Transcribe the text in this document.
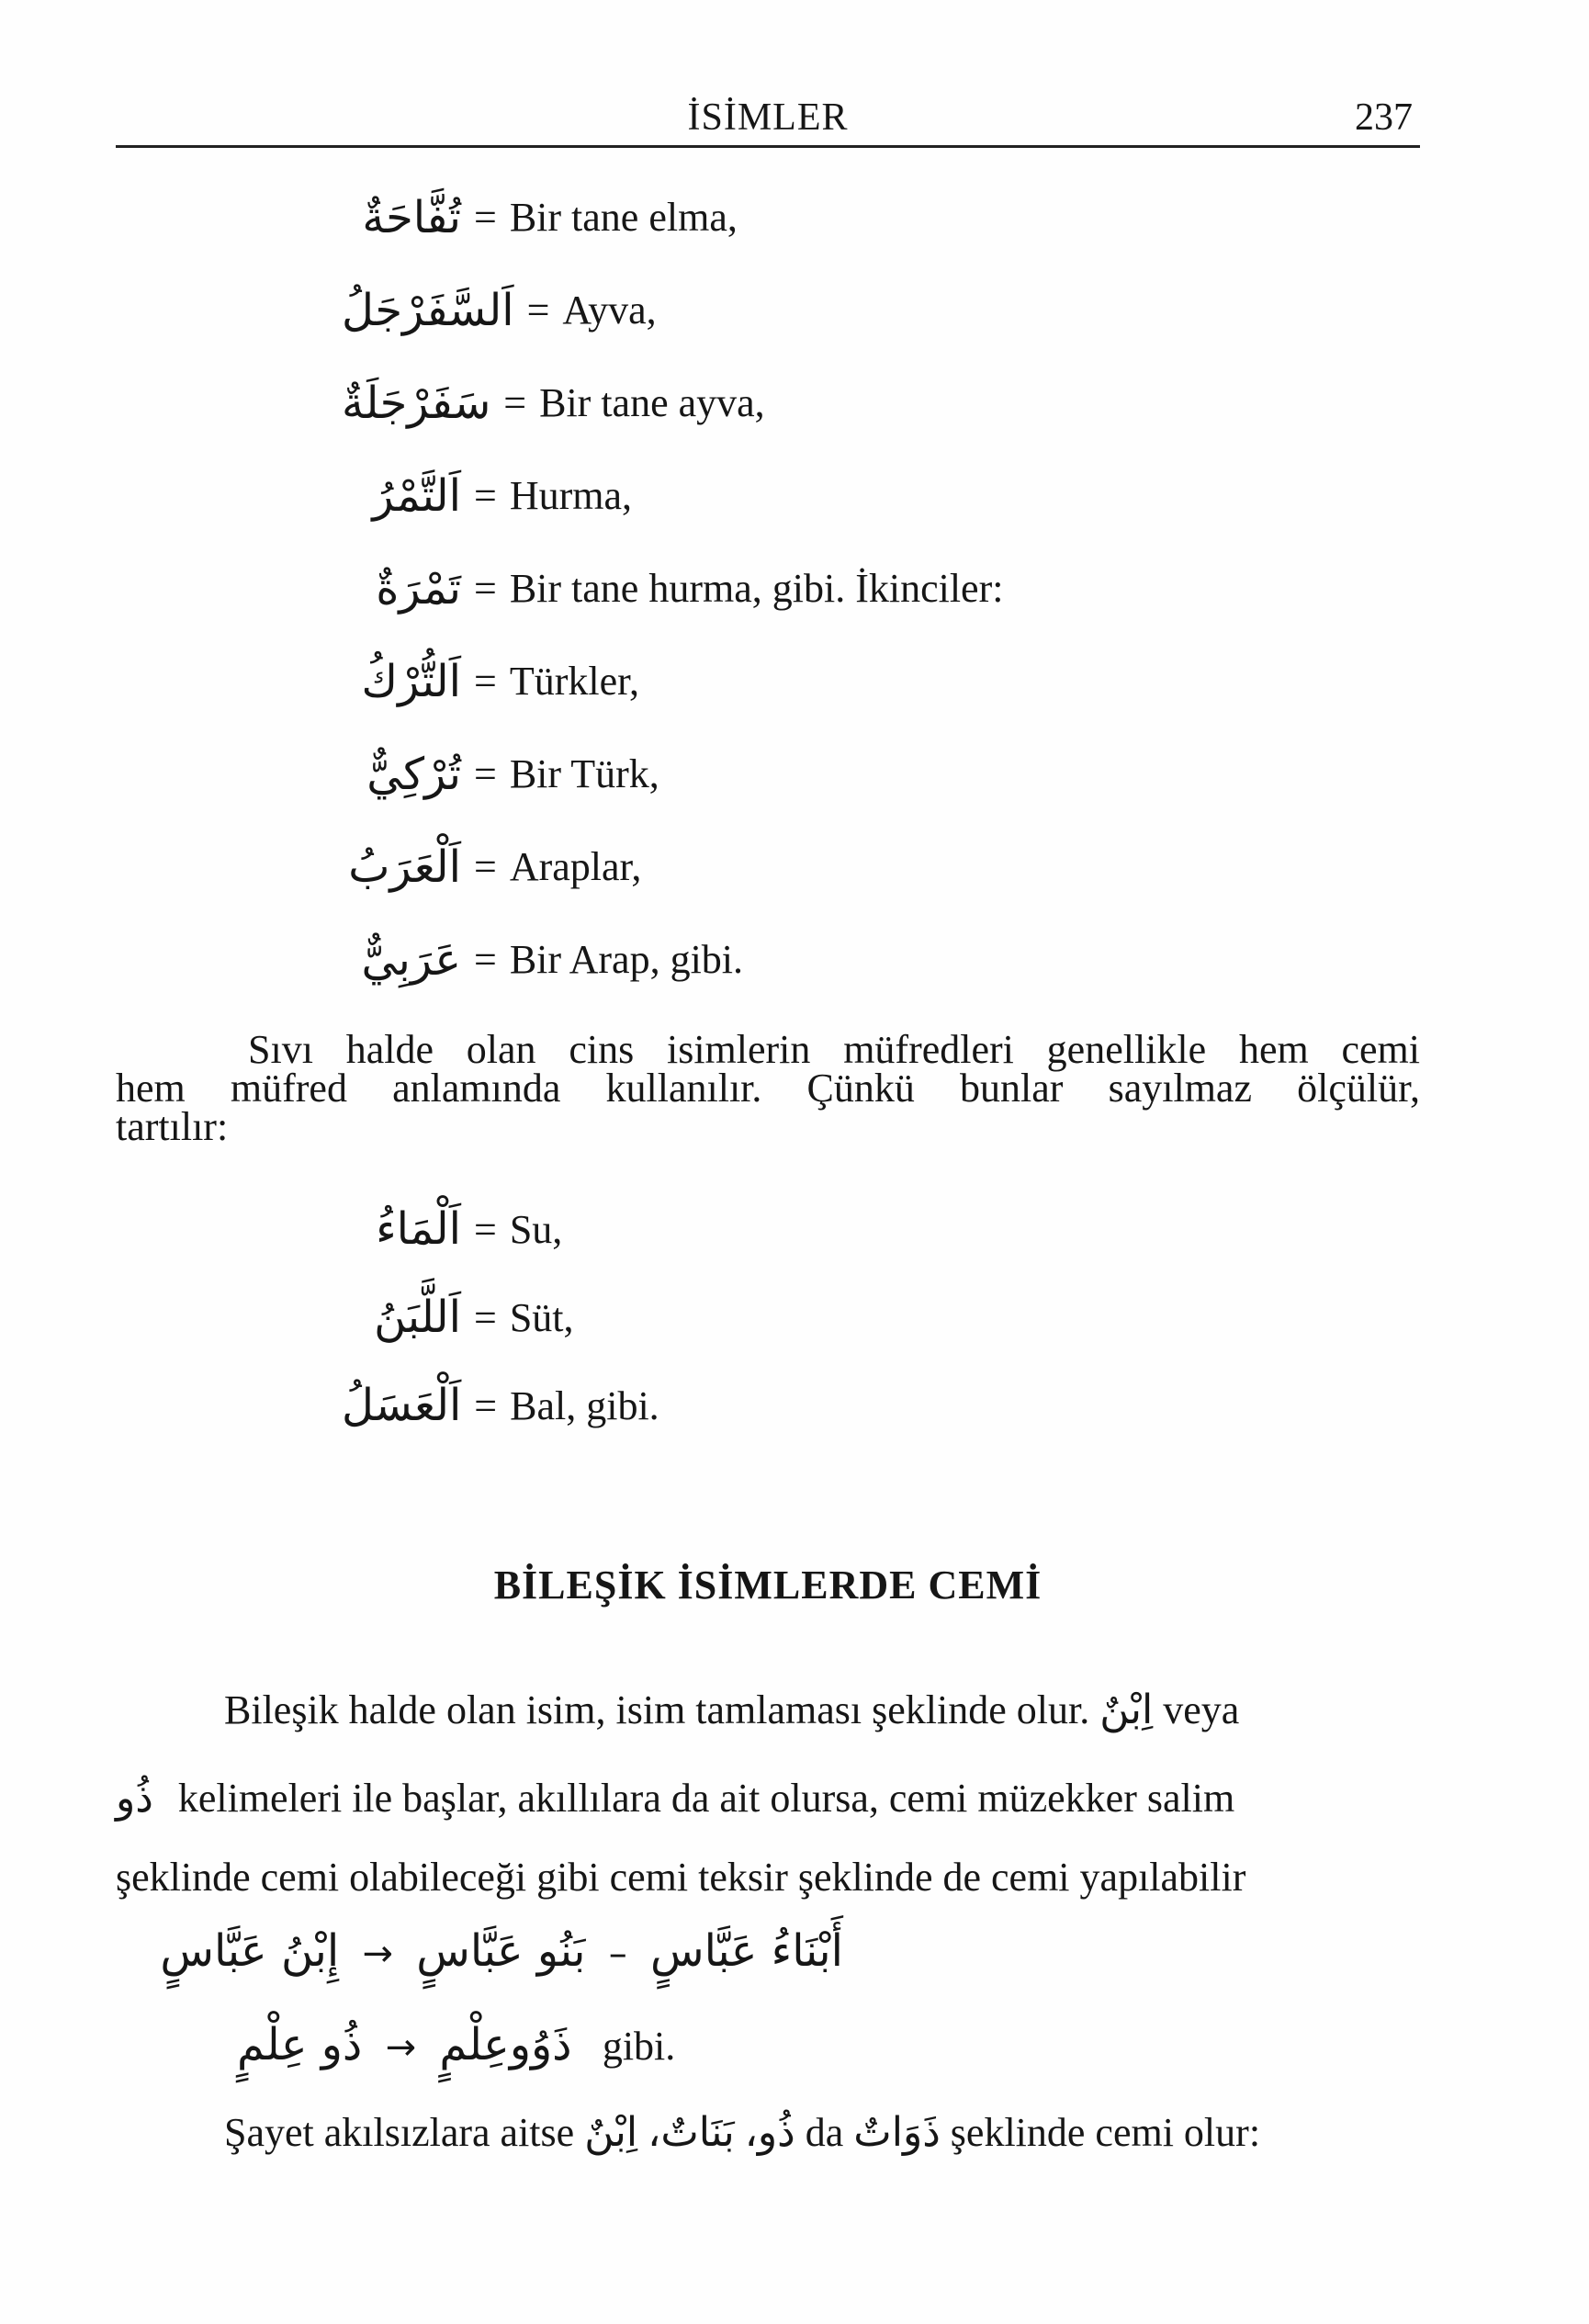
İSİMLER	237
تُفَّاحَةٌ = Bir tane elma,
اَلسَّفَرْجَلُ = Ayva,
سَفَرْجَلَةٌ = Bir tane ayva,
اَلتَّمْرُ = Hurma,
تَمْرَةٌ = Bir tane hurma, gibi. İkinciler:
اَلتُّرْكُ = Türkler,
تُرْكِيٌّ = Bir Türk,
اَلْعَرَبُ = Araplar,
عَرَبِيٌّ = Bir Arap, gibi.
Sıvı halde olan cins isimlerin müfredleri genellikle hem cemi
hem müfred anlamında kullanılır. Çünkü bunlar sayılmaz ölçülür,
tartılır:
اَلْمَاءُ = Su,
اَللَّبَنُ = Süt,
اَلْعَسَلُ = Bal, gibi.
BİLEŞİK İSİMLERDE CEMİ
Bileşik halde olan isim, isim tamlaması şeklinde olur. اِبْنٌ veya
ذُو kelimeleri ile başlar, akıllılara da ait olursa, cemi müzekker salim
şeklinde cemi olabileceği gibi cemi teksir şeklinde de cemi yapılabilir
أَبْنَاءُ عَبَّاسٍ – بَنُو عَبَّاسٍ → إِبْنُ عَبَّاسٍ
ذُو عِلْمٍ → ذَوُوعِلْمٍ gibi.
Şayet akılsızlara aitse اِبْنٌ بَنَاتٌ، ذُو، da ذَوَاتٌ şeklinde cemi olur:
